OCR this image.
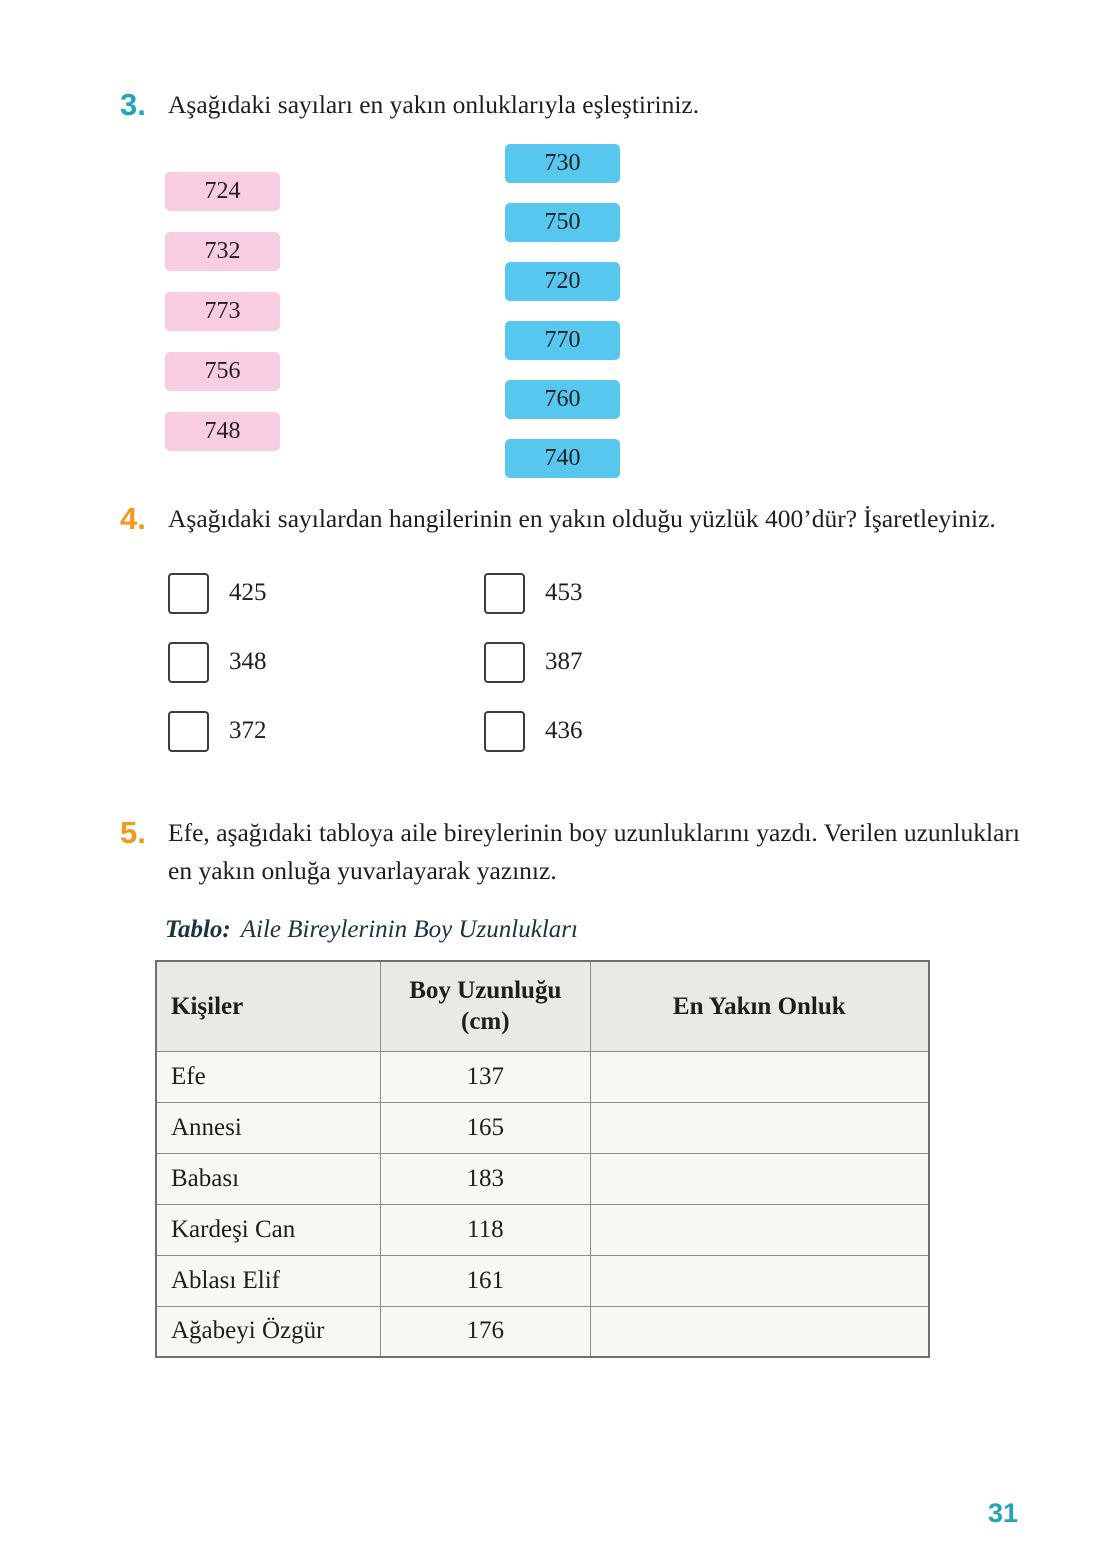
3. Aşağıdaki sayıları en yakın onluklarıyla eşleştiriniz.

724
732
773
756
748
730
750
720
770
760
740
4. Aşağıdaki sayılardan hangilerinin en yakın olduğu yüzlük 400’dür? İşaretleyiniz.

425	453
348	387
372	436
5. Efe, aşağıdaki tabloya aile bireylerinin boy uzunluklarını yazdı. Verilen uzunlukları en yakın onluğa yuvarlayarak yazınız.

Tablo: Aile Bireylerinin Boy Uzunlukları

Kişiler	Boy Uzunluğu (cm)	En Yakın Onluk
Efe	137	
Annesi	165	
Babası	183	
Kardeşi Can	118	
Ablası Elif	161	
Ağabeyi Özgür	176	
31
